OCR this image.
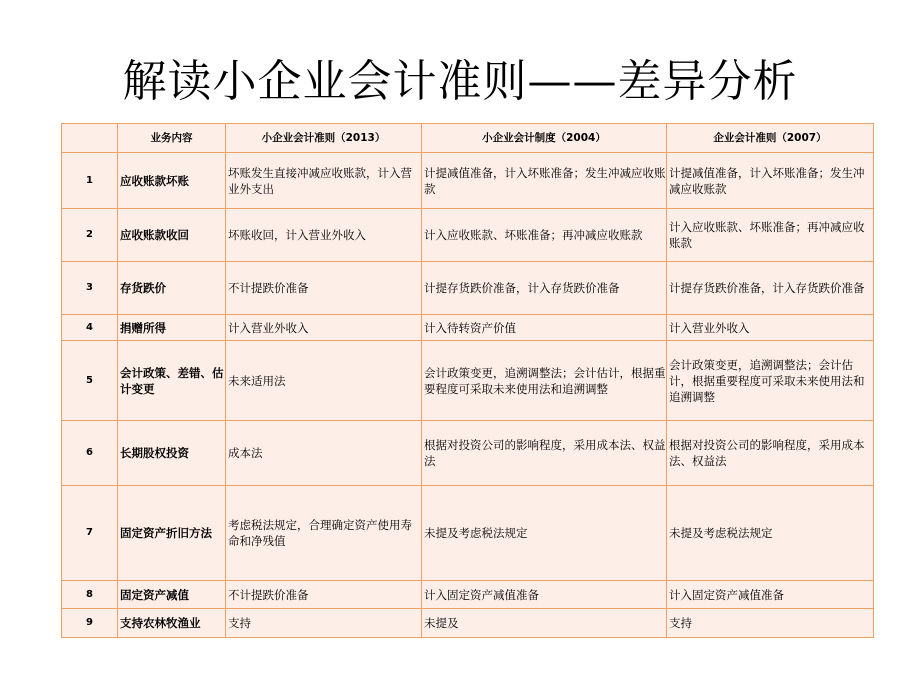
解读小企业会计准则——差异分析
	业务内容	小企业会计准则（2013）	小企业会计制度（2004）	企业会计准则（2007）
1	应收账款坏账	坏账发生直接冲减应收账款，计入营业外支出	计提减值准备，计入坏账准备；发生冲减应收账款	计提减值准备，计入坏账准备；发生冲减应收账款
2	应收账款收回	坏账收回，计入营业外收入	计入应收账款、坏账准备；再冲减应收账款	计入应收账款、坏账准备；再冲减应收账款
3	存货跌价	不计提跌价准备	计提存货跌价准备，计入存货跌价准备	计提存货跌价准备，计入存货跌价准备
4	捐赠所得	计入营业外收入	计入待转资产价值	计入营业外收入
5	会计政策、差错、估计变更	未来适用法	会计政策变更，追溯调整法；会计估计，根据重要程度可采取未来使用法和追溯调整	会计政策变更，追溯调整法；会计估计，根据重要程度可采取未来使用法和追溯调整
6	长期股权投资	成本法	根据对投资公司的影响程度，采用成本法、权益法	根据对投资公司的影响程度，采用成本法、权益法
7	固定资产折旧方法	考虑税法规定，合理确定资产使用寿命和净残值	未提及考虑税法规定	未提及考虑税法规定
8	固定资产减值	不计提跌价准备	计入固定资产减值准备	计入固定资产减值准备
9	支持农林牧渔业	支持	未提及	支持
